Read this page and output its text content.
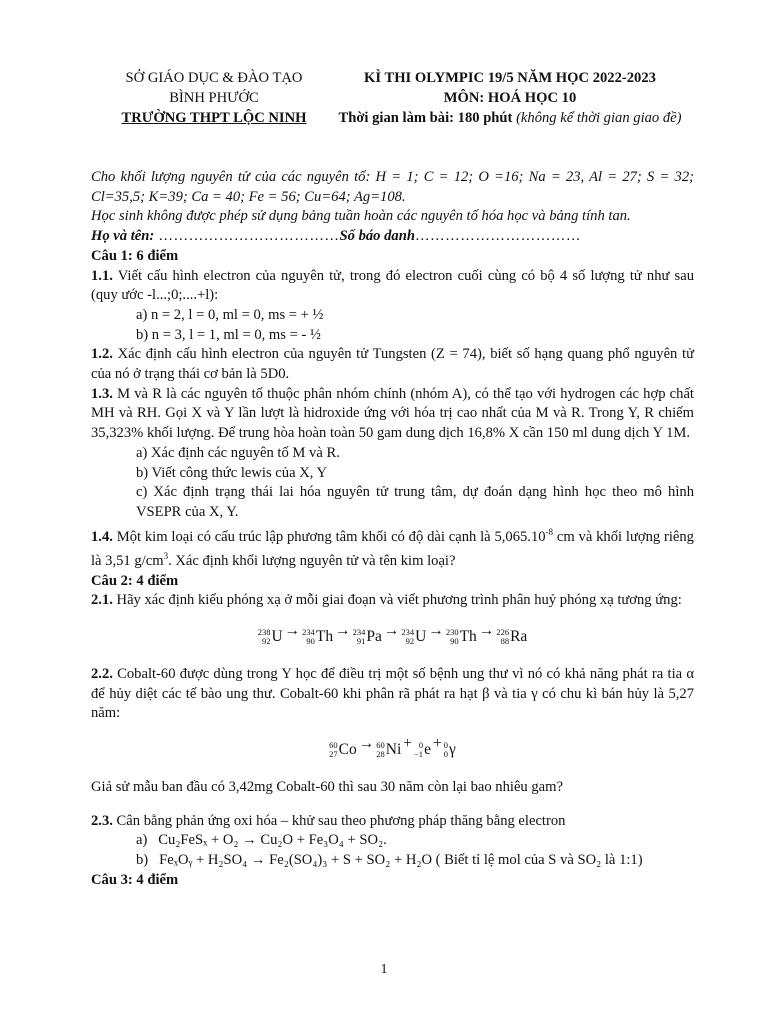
SỞ GIÁO DỤC & ĐÀO TẠO
BÌNH PHƯỚC
TRƯỜNG THPT LỘC NINH
KÌ THI OLYMPIC 19/5 NĂM HỌC 2022-2023
MÔN: HOÁ HỌC 10
Thời gian làm bài: 180 phút (không kể thời gian giao đề)

Cho khối lượng nguyên tử của các nguyên tố: H = 1; C = 12; O =16; Na = 23, Al = 27; S = 32; Cl=35,5; K=39; Ca = 40; Fe = 56; Cu=64; Ag=108.

Học sinh không được phép sử dụng bảng tuần hoàn các nguyên tố hóa học và bảng tính tan.

Họ và tên: ………………………………Số báo danh……………………………

Câu 1: 6 điểm

1.1. Viết cấu hình electron của nguyên tử, trong đó electron cuối cùng có bộ 4 số lượng tử như sau (quy ước -l...;0;....+l):

a) n = 2, l = 0, ml = 0, ms = + ½

b) n = 3, l = 1, ml = 0, ms = - ½

1.2. Xác định cấu hình electron của nguyên tử Tungsten (Z = 74), biết số hạng quang phổ nguyên tử của nó ở trạng thái cơ bản là 5D0.

1.3. M và R là các nguyên tố thuộc phân nhóm chính (nhóm A), có thể tạo với hydrogen các hợp chất MH và RH. Gọi X và Y lần lượt là hidroxide ứng với hóa trị cao nhất của M và R. Trong Y, R chiếm 35,323% khối lượng. Để trung hòa hoàn toàn 50 gam dung dịch 16,8% X cần 150 ml dung dịch Y 1M.

a) Xác định các nguyên tố M và R.

b) Viết công thức lewis của X, Y

c) Xác định trạng thái lai hóa nguyên tử trung tâm, dự đoán dạng hình học theo mô hình VSEPR của X, Y.

1.4. Một kim loại có cấu trúc lập phương tâm khối có độ dài cạnh là $5,065.10^{-8}$ cm và khối lượng riêng là 3,51 $g/cm^3$. Xác định khối lượng nguyên tử và tên kim loại?

Câu 2: 4 điểm

2.1. Hãy xác định kiểu phóng xạ ở mỗi giai đoạn và viết phương trình phân huỷ phóng xạ tương ứng:

238
92 U → 234
90 Th → 234
91 Pa → 234
92 U → 230
90 Th → 226
88 Ra

2.2. Cobalt-60 được dùng trong Y học để điều trị một số bệnh ung thư vì nó có khả năng phát ra tia α để hủy diệt các tế bào ung thư. Cobalt-60 khi phân rã phát ra hạt β và tia γ có chu kì bán hủy là 5,27 năm:

60
27 Co → 60
28 Ni + 0
−1 e + 0
0 γ

Giả sử mẫu ban đầu có 3,42mg Cobalt-60 thì sau 30 năm còn lại bao nhiêu gam?

2.3. Cân bằng phản ứng oxi hóa – khử sau theo phương pháp thăng bằng electron

a) Cu₂FeSₓ + O₂ → Cu₂O + Fe₃O₄ + SO₂.

b) FeₓOᵧ + H₂SO₄ → Fe₂(SO₄)₃ + S + SO₂ + H₂O ( Biết tỉ lệ mol của S và SO₂ là 1:1)

Câu 3: 4 điểm

1
